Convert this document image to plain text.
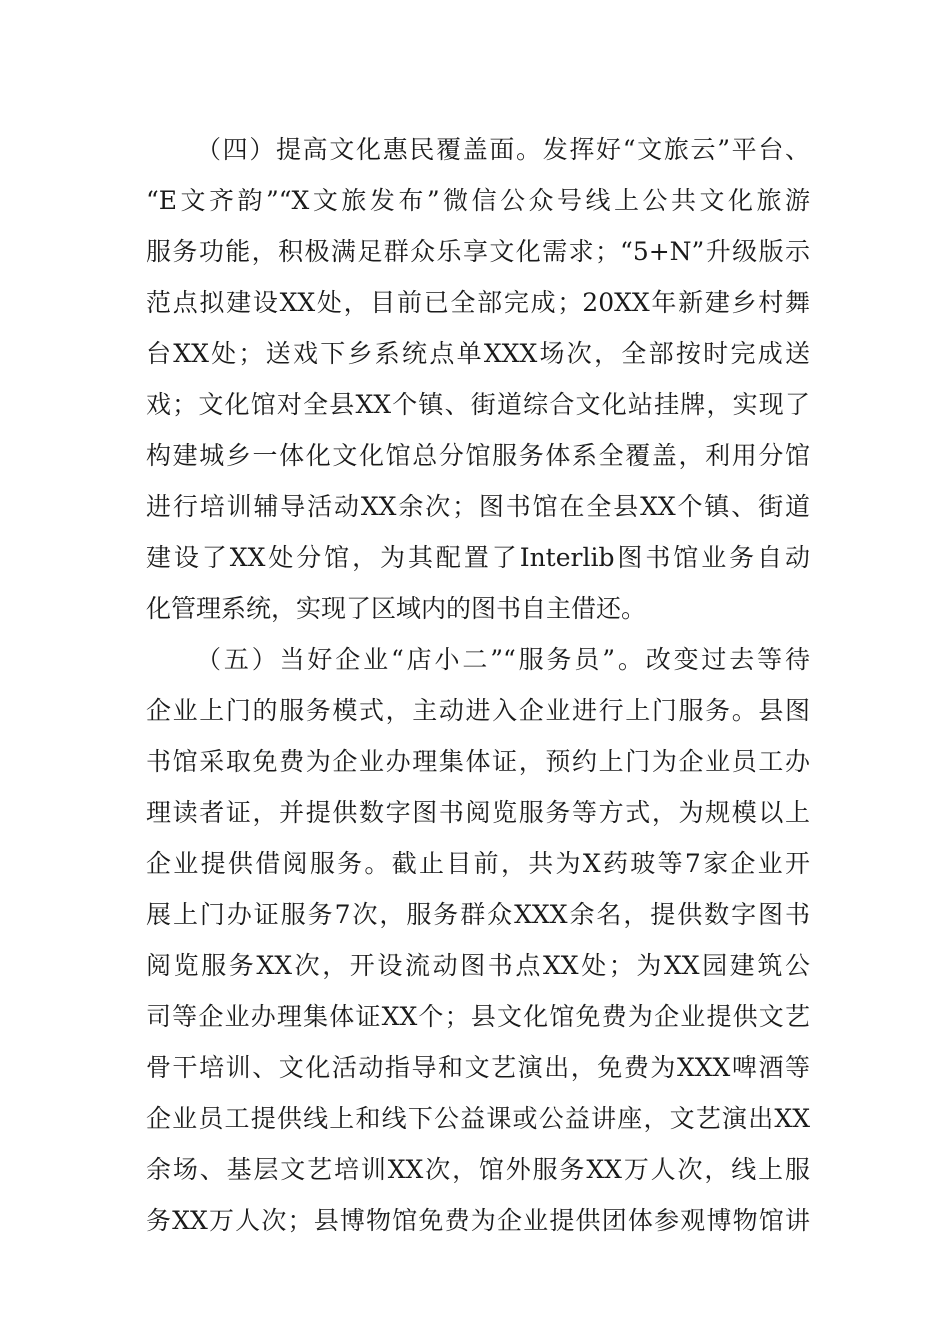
（四）提高文化惠民覆盖面。发挥好“文旅云”平台、
“E文齐韵”“X文旅发布”微信公众号线上公共文化旅游
服务功能，积极满足群众乐享文化需求；“5+N”升级版示
范点拟建设XX处，目前已全部完成；20XX年新建乡村舞
台XX处；送戏下乡系统点单XXX场次，全部按时完成送
戏；文化馆对全县XX个镇、街道综合文化站挂牌，实现了
构建城乡一体化文化馆总分馆服务体系全覆盖，利用分馆
进行培训辅导活动XX余次；图书馆在全县XX个镇、街道
建设了XX处分馆，为其配置了Interlib图书馆业务自动
化管理系统，实现了区域内的图书自主借还。
（五）当好企业“店小二”“服务员”。改变过去等待
企业上门的服务模式，主动进入企业进行上门服务。县图
书馆采取免费为企业办理集体证，预约上门为企业员工办
理读者证，并提供数字图书阅览服务等方式，为规模以上
企业提供借阅服务。截止目前，共为X药玻等7家企业开
展上门办证服务7次，服务群众XXX余名，提供数字图书
阅览服务XX次，开设流动图书点XX处；为XX园建筑公
司等企业办理集体证XX个；县文化馆免费为企业提供文艺
骨干培训、文化活动指导和文艺演出，免费为XXX啤酒等
企业员工提供线上和线下公益课或公益讲座，文艺演出XX
余场、基层文艺培训XX次，馆外服务XX万人次，线上服
务XX万人次；县博物馆免费为企业提供团体参观博物馆讲
